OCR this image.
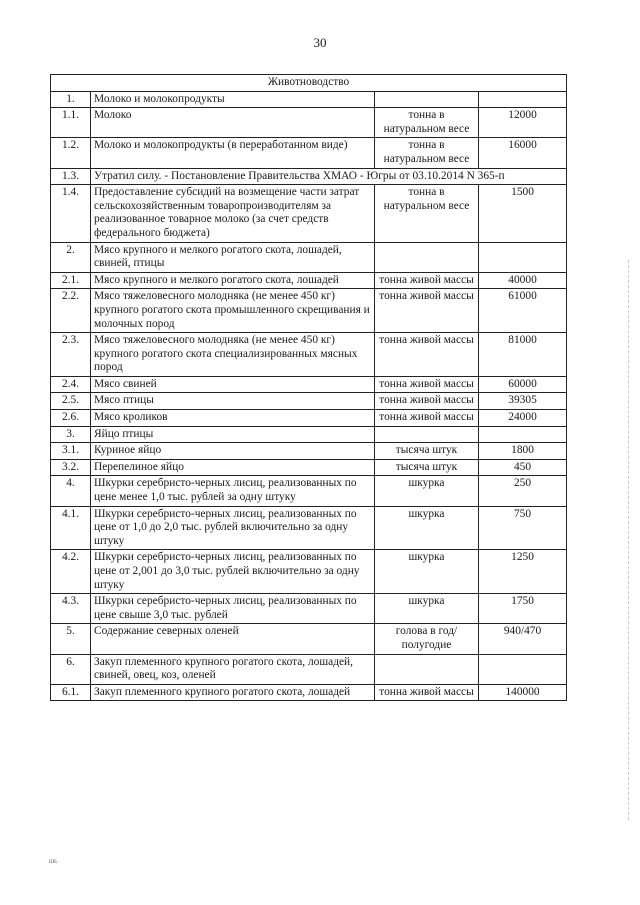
30
Животноводство			
1.	Молоко и молокопродукты		
1.1.	Молоко	тонна в натуральном весе	12000
1.2.	Молоко и молокопродукты (в переработанном виде)	тонна в натуральном весе	16000
1.3.	Утратил силу. - Постановление Правительства ХМАО - Югры от 03.10.2014 N 365-п		
1.4.	Предоставление субсидий на возмещение части затрат сельскохозяйственным товаропроизводителям за реализованное товарное молоко (за счет средств федерального бюджета)	тонна в натуральном весе	1500
2.	Мясо крупного и мелкого рогатого скота, лошадей, свиней, птицы		
2.1.	Мясо крупного и мелкого рогатого скота, лошадей	тонна живой массы	40000
2.2.	Мясо тяжеловесного молодняка (не менее 450 кг) крупного рогатого скота промышленного скрещивания и молочных пород	тонна живой массы	61000
2.3.	Мясо тяжеловесного молодняка (не менее 450 кг) крупного рогатого скота специализированных мясных пород	тонна живой массы	81000
2.4.	Мясо свиней	тонна живой массы	60000
2.5.	Мясо птицы	тонна живой массы	39305
2.6.	Мясо кроликов	тонна живой массы	24000
3.	Яйцо птицы		
3.1.	Куриное яйцо	тысяча штук	1800
3.2.	Перепелиное яйцо	тысяча штук	450
4.	Шкурки серебристо-черных лисиц, реализованных по цене менее 1,0 тыс. рублей за одну штуку	шкурка	250
4.1.	Шкурки серебристо-черных лисиц, реализованных по цене от 1,0 до 2,0 тыс. рублей включительно за одну штуку	шкурка	750
4.2.	Шкурки серебристо-черных лисиц, реализованных по цене от 2,001 до 3,0 тыс. рублей включительно за одну штуку	шкурка	1250
4.3.	Шкурки серебристо-черных лисиц, реализованных по цене свыше 3,0 тыс. рублей	шкурка	1750
5.	Содержание северных оленей	голова в год/ полугодие	940/470
6.	Закуп племенного крупного рогатого скота, лошадей, свиней, овец, коз, оленей		
6.1.	Закуп племенного крупного рогатого скота, лошадей	тонна живой массы	140000
ШБ
